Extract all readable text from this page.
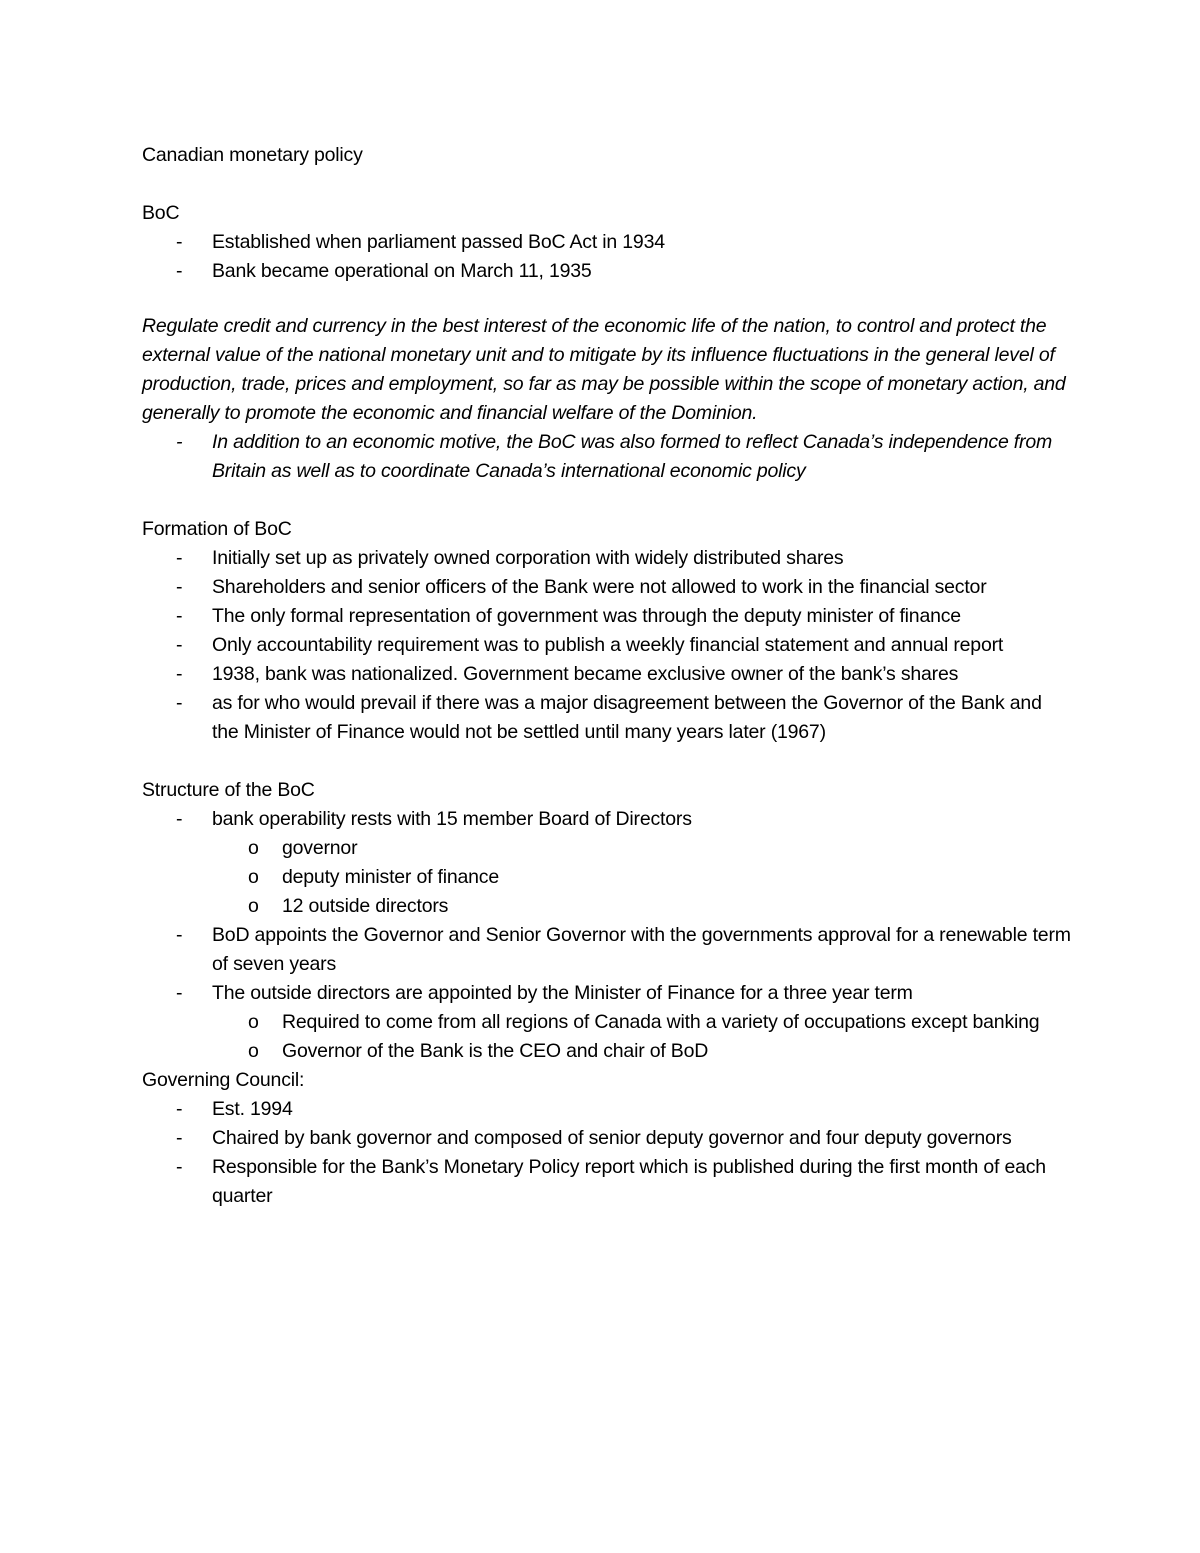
Canadian monetary policy

BoC

- Established when parliament passed BoC Act in 1934
- Bank became operational on March 11, 1935

Regulate credit and currency in the best interest of the economic life of the nation, to control and protect the external value of the national monetary unit and to mitigate by its influence fluctuations in the general level of production, trade, prices and employment, so far as may be possible within the scope of monetary action, and generally to promote the economic and financial welfare of the Dominion.

- In addition to an economic motive, the BoC was also formed to reflect Canada’s independence from Britain as well as to coordinate Canada’s international economic policy

Formation of BoC

- Initially set up as privately owned corporation with widely distributed shares
- Shareholders and senior officers of the Bank were not allowed to work in the financial sector
- The only formal representation of government was through the deputy minister of finance
- Only accountability requirement was to publish a weekly financial statement and annual report
- 1938, bank was nationalized. Government became exclusive owner of the bank’s shares
- as for who would prevail if there was a major disagreement between the Governor of the Bank and the Minister of Finance would not be settled until many years later (1967)

Structure of the BoC

- bank operability rests with 15 member Board of Directors
o governor
o deputy minister of finance
o 12 outside directors
- BoD appoints the Governor and Senior Governor with the governments approval for a renewable term of seven years
- The outside directors are appointed by the Minister of Finance for a three year term
o Required to come from all regions of Canada with a variety of occupations except banking
o Governor of the Bank is the CEO and chair of BoD

Governing Council:

- Est. 1994
- Chaired by bank governor and composed of senior deputy governor and four deputy governors
- Responsible for the Bank’s Monetary Policy report which is published during the first month of each quarter
